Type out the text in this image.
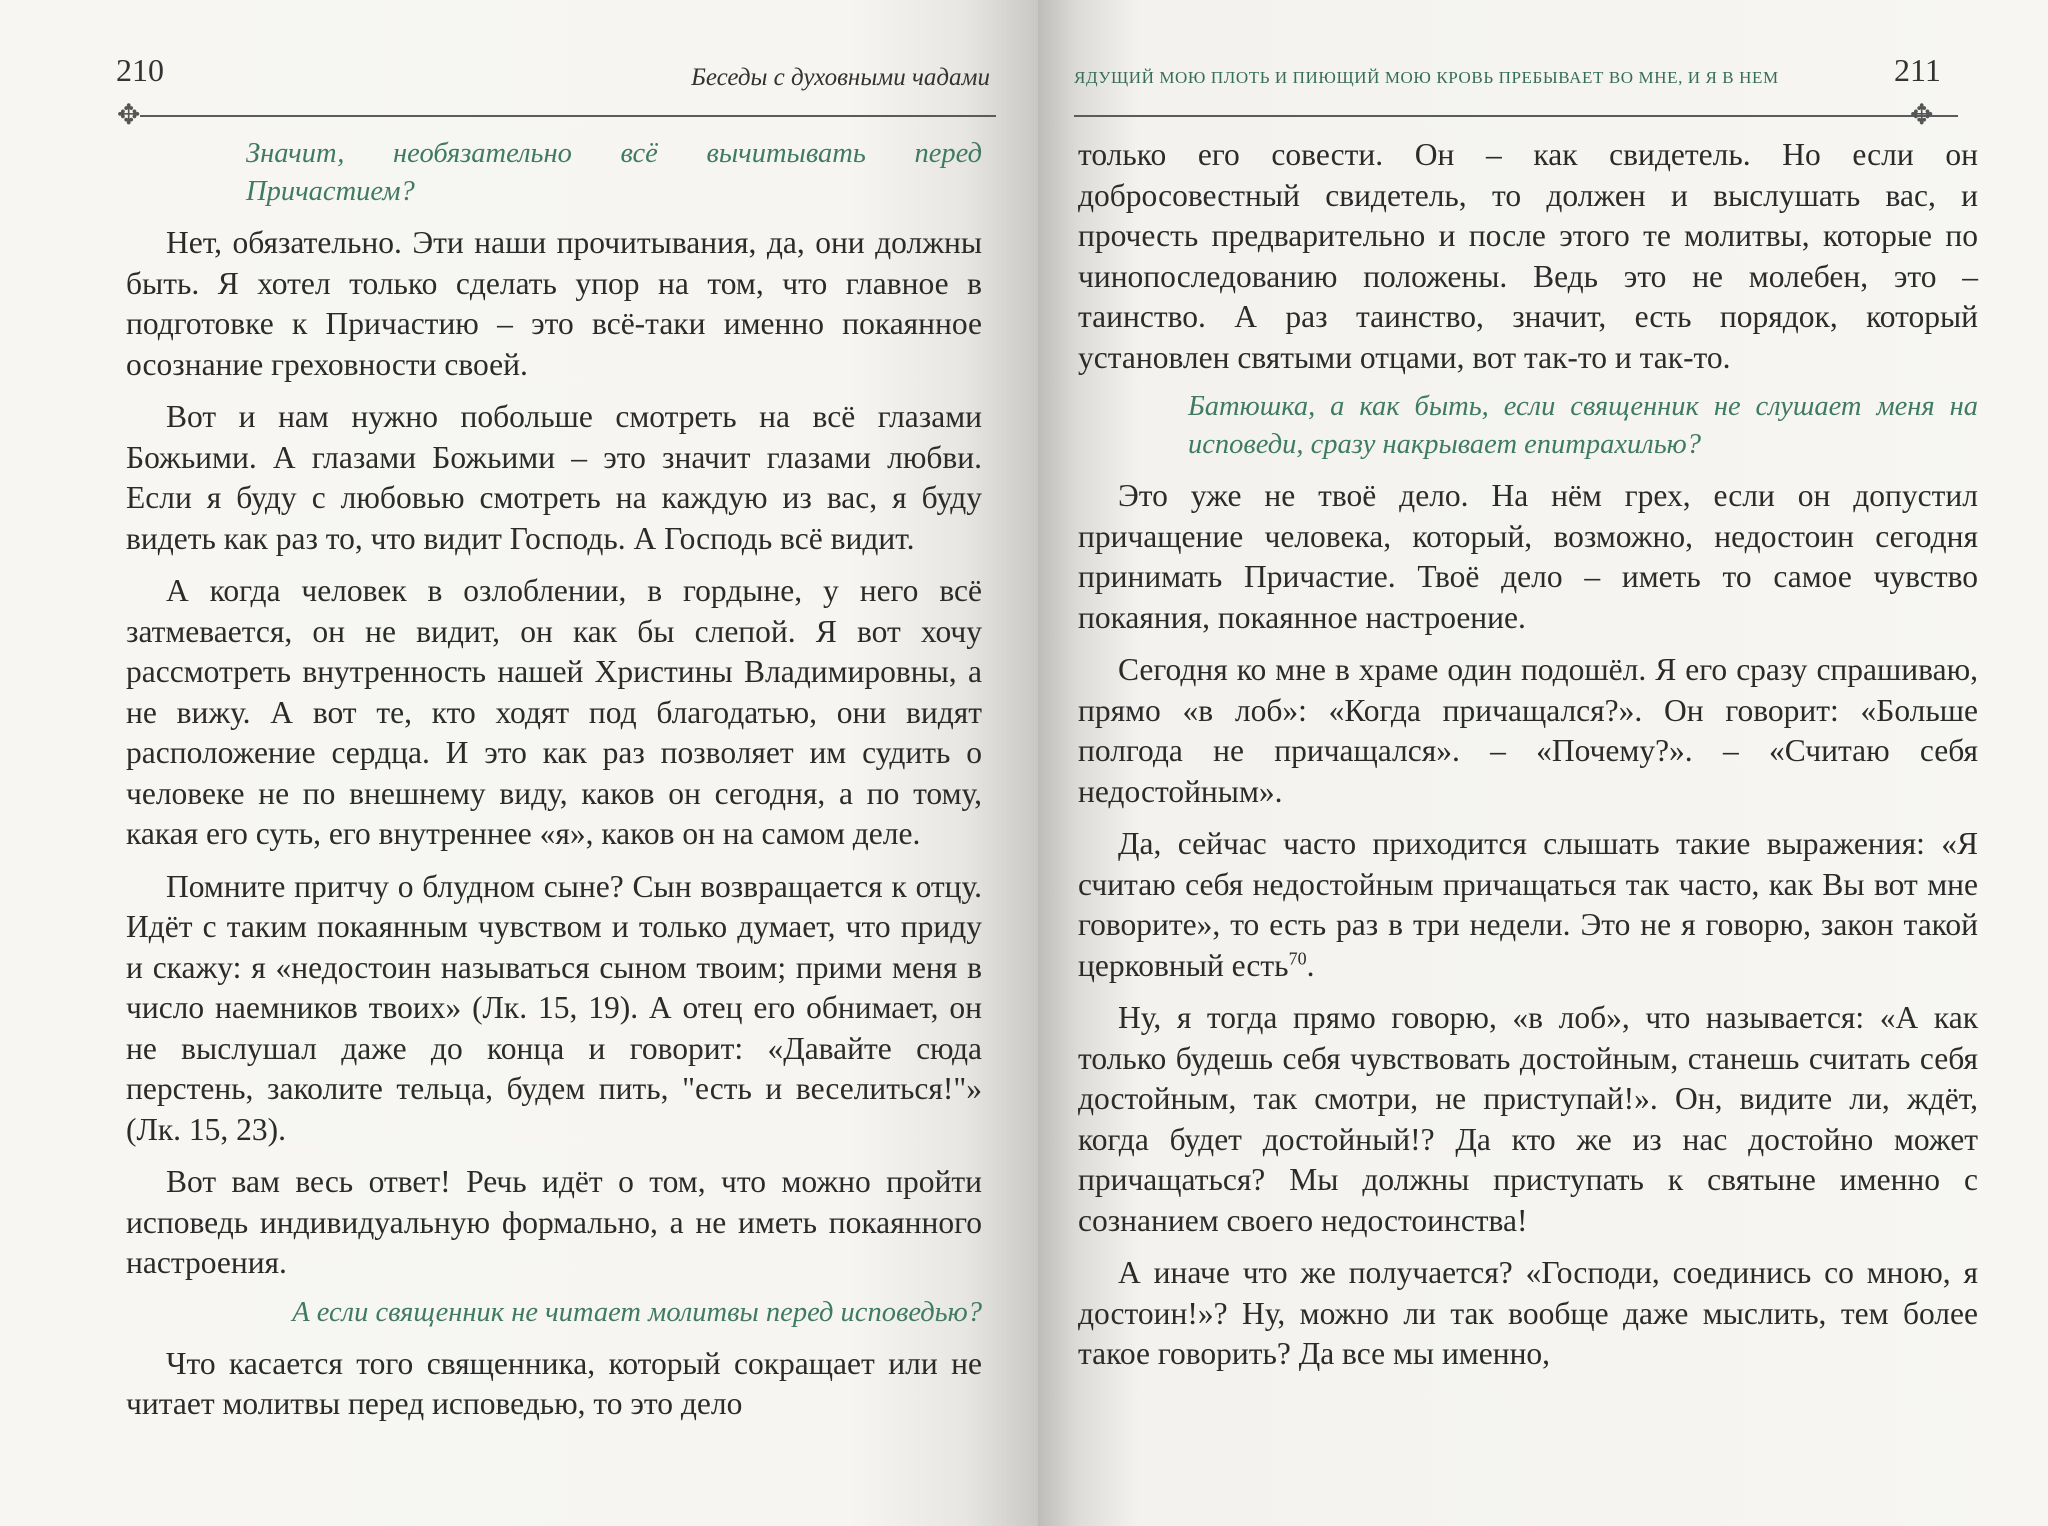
210	Беседы с духовными чадами
✥

Значит, необязательно всё вычитывать перед Причастием?

Нет, обязательно. Эти наши прочитывания, да, они должны быть. Я хотел только сделать упор на том, что главное в подготовке к Причастию – это всё-таки именно покаянное осознание греховности своей.

Вот и нам нужно побольше смотреть на всё глазами Божьими. А глазами Божьими – это значит глазами любви. Если я буду с любовью смотреть на каждую из вас, я буду видеть как раз то, что видит Господь. А Господь всё видит.

А когда человек в озлоблении, в гордыне, у него всё затмевается, он не видит, он как бы слепой. Я вот хочу рассмотреть внутренность нашей Христины Владимировны, а не вижу. А вот те, кто ходят под благодатью, они видят расположение сердца. И это как раз позволяет им судить о человеке не по внешнему виду, каков он сегодня, а по тому, какая его суть, его внутреннее «я», каков он на самом деле.

Помните притчу о блудном сыне? Сын возвращается к отцу. Идёт с таким покаянным чувством и только думает, что приду и скажу: я «недостоин называться сыном твоим; прими меня в число наемников твоих» (Лк. 15, 19). А отец его обнимает, он не выслушал даже до конца и говорит: «Давайте сюда перстень, заколите тельца, будем пить, "есть и веселиться!"» (Лк. 15, 23).

Вот вам весь ответ! Речь идёт о том, что можно пройти исповедь индивидуальную формально, а не иметь покаянного настроения.

А если священник не читает молитвы перед исповедью?

Что касается того священника, который сокращает или не читает молитвы перед исповедью, то это дело

ЯДУЩИЙ МОЮ ПЛОТЬ И ПИЮЩИЙ МОЮ КРОВЬ ПРЕБЫВАЕТ ВО МНЕ, И Я В НЕМ	211
✥

только его совести. Он – как свидетель. Но если он добросовестный свидетель, то должен и выслушать вас, и прочесть предварительно и после этого те молитвы, которые по чинопоследованию положены. Ведь это не молебен, это – таинство. А раз таинство, значит, есть порядок, который установлен святыми отцами, вот так-то и так-то.

Батюшка, а как быть, если священник не слушает меня на исповеди, сразу накрывает епитрахилью?

Это уже не твоё дело. На нём грех, если он допустил причащение человека, который, возможно, недостоин сегодня принимать Причастие. Твоё дело – иметь то самое чувство покаяния, покаянное настроение.

Сегодня ко мне в храме один подошёл. Я его сразу спрашиваю, прямо «в лоб»: «Когда причащался?». Он говорит: «Больше полгода не причащался». – «Почему?». – «Считаю себя недостойным».

Да, сейчас часто приходится слышать такие выражения: «Я считаю себя недостойным причащаться так часто, как Вы вот мне говорите», то есть раз в три недели. Это не я говорю, закон такой церковный есть$^{70}$.

Ну, я тогда прямо говорю, «в лоб», что называется: «А как только будешь себя чувствовать достойным, станешь считать себя достойным, так смотри, не приступай!». Он, видите ли, ждёт, когда будет достойный!? Да кто же из нас достойно может причащаться? Мы должны приступать к святыне именно с сознанием своего недостоинства!

А иначе что же получается? «Господи, соединись со мною, я достоин!»? Ну, можно ли так вообще даже мыслить, тем более такое говорить? Да все мы именно,
